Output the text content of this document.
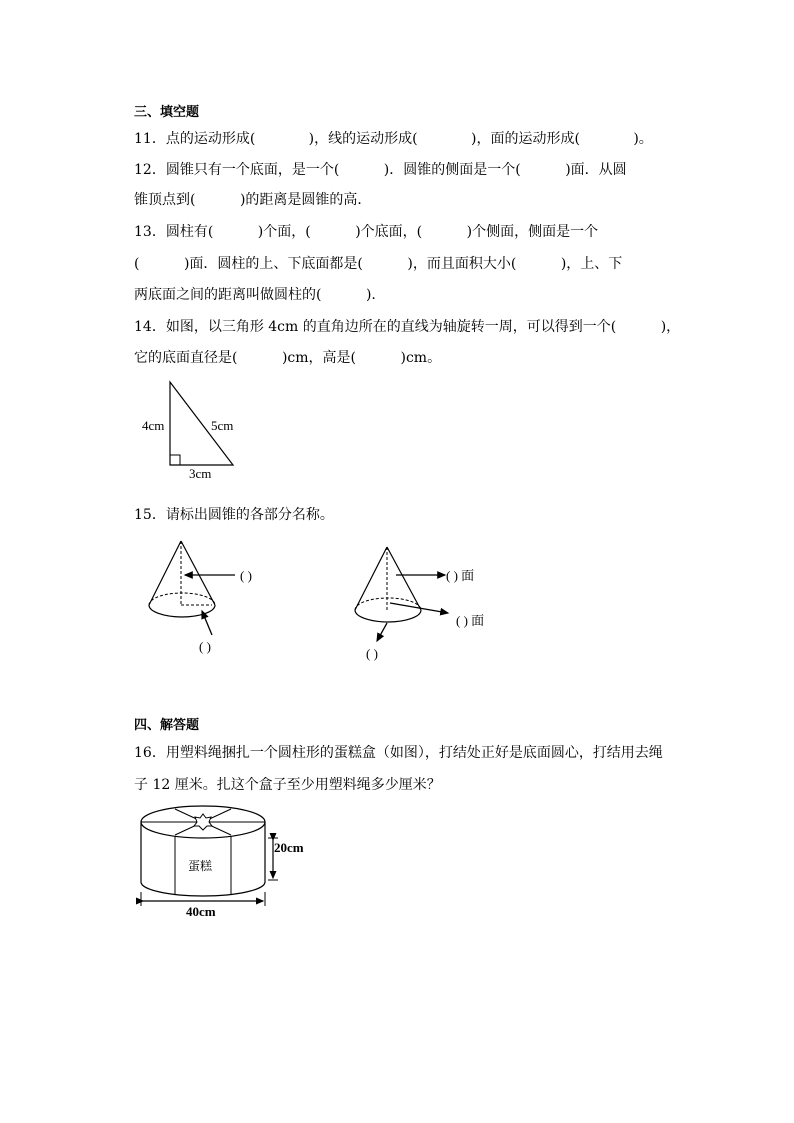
三、填空题
11．点的运动形成(            )，线的运动形成(            )，面的运动形成(            )。
12．圆锥只有一个底面，是一个(          )．圆锥的侧面是一个(          )面．从圆
锥顶点到(          )的距离是圆锥的高．
13．圆柱有(          )个面，(          )个底面，(          )个侧面，侧面是一个
(          )面．圆柱的上、下底面都是(          )，而且面积大小(          )，上、下
两底面之间的距离叫做圆柱的(          ).
14．如图，以三角形 4cm 的直角边所在的直线为轴旋转一周，可以得到一个(          )，
它的底面直径是(          )cm，高是(          )cm。
4cm	5cm
3cm
15．请标出圆锥的各部分名称。
( )
( )
( ) 面
( ) 面
( )
四、解答题
16．用塑料绳捆扎一个圆柱形的蛋糕盒（如图），打结处正好是底面圆心，打结用去绳
子 12 厘米。扎这个盒子至少用塑料绳多少厘米？
蛋糕
20cm
40cm
